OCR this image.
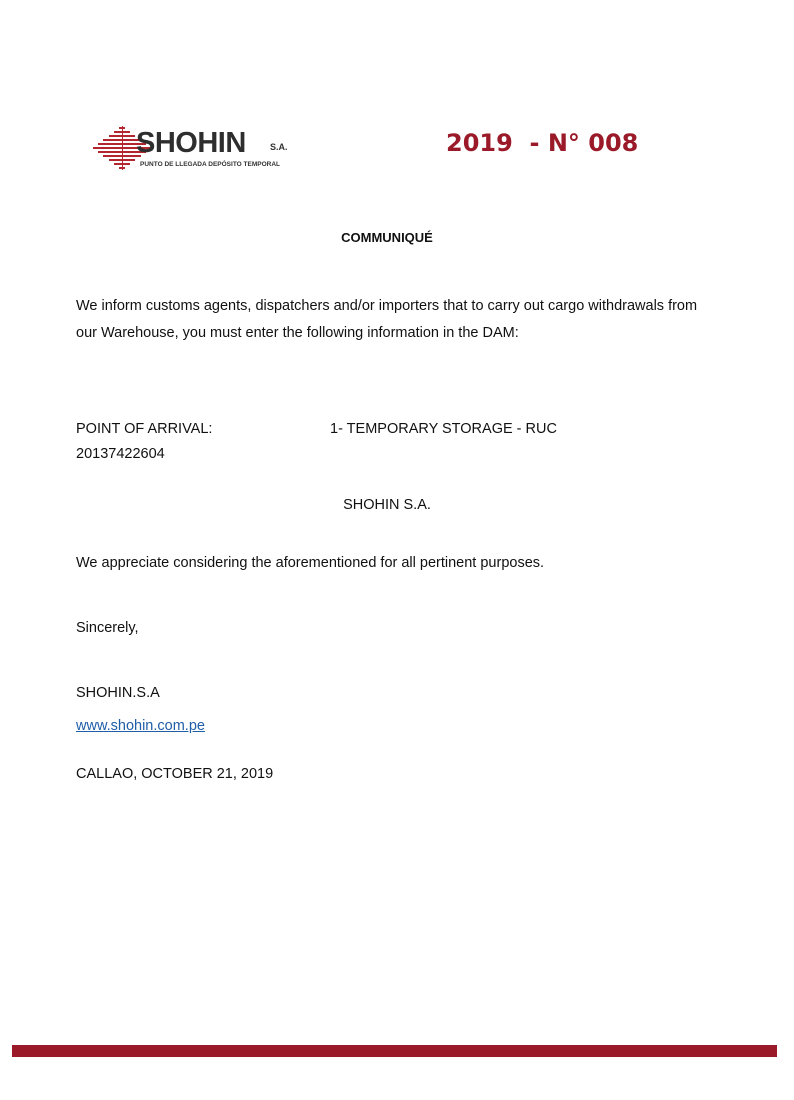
SHOHIN	S.A.
PUNTO DE LLEGADA DEPÓSITO TEMPORAL
2019  - N° 008
COMMUNIQUÉ
We inform customs agents, dispatchers and/or importers that to carry out cargo withdrawals from our Warehouse, you must enter the following information in the DAM:
POINT OF ARRIVAL:	1- TEMPORARY STORAGE - RUC
20137422604
SHOHIN S.A.
We appreciate considering the aforementioned for all pertinent purposes.
Sincerely,
SHOHIN.S.A
www.shohin.com.pe
CALLAO, OCTOBER 21, 2019
